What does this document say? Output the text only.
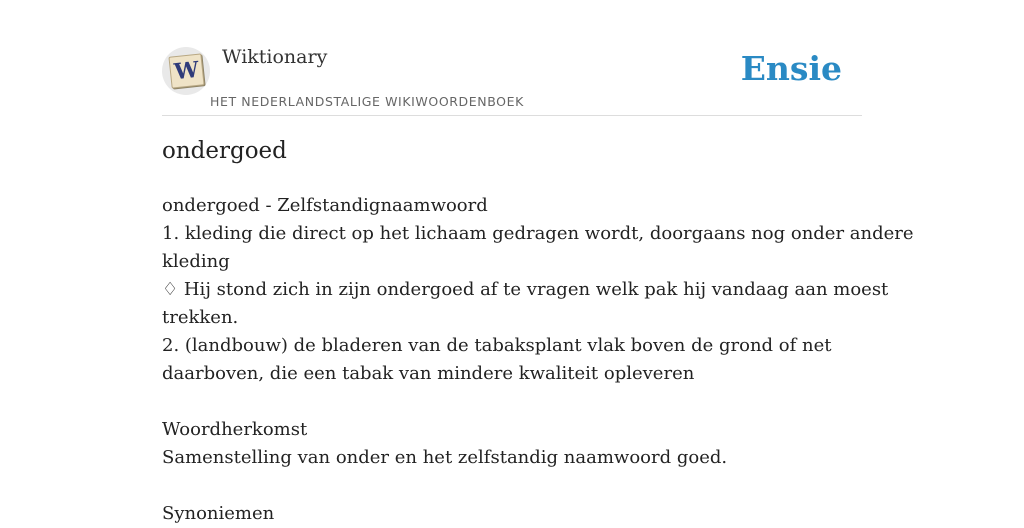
W Wiktionary
HET NEDERLANDSTALIGE WIKIWOORDENBOEK
Ensie
ondergoed
ondergoed - Zelfstandignaamwoord
1. kleding die direct op het lichaam gedragen wordt, doorgaans nog onder andere
kleding
♢ Hij stond zich in zijn ondergoed af te vragen welk pak hij vandaag aan moest
trekken.
2. (landbouw) de bladeren van de tabaksplant vlak boven de grond of net
daarboven, die een tabak van mindere kwaliteit opleveren
Woordherkomst
Samenstelling van onder en het zelfstandig naamwoord goed.
Synoniemen
